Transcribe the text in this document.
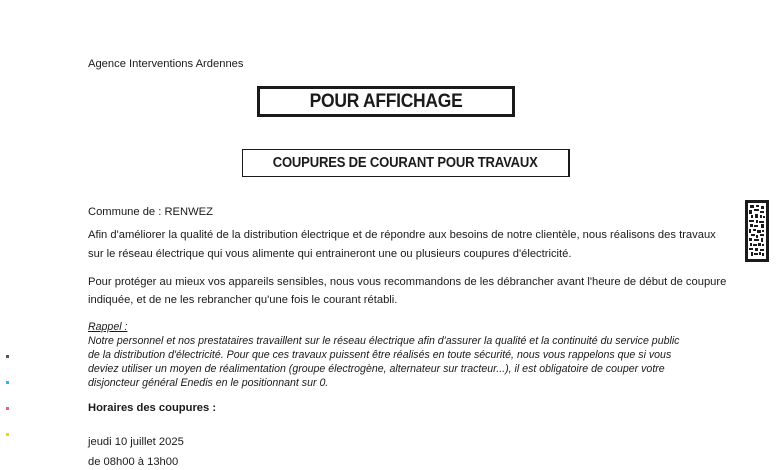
Agence Interventions Ardennes
POUR AFFICHAGE
COUPURES DE COURANT POUR TRAVAUX
Commune de : RENWEZ
Afin d'améliorer la qualité de la distribution électrique et de répondre aux besoins de notre clientèle, nous réalisons des travaux
sur le réseau électrique qui vous alimente qui entraineront une ou plusieurs coupures d'électricité.
Pour protéger au mieux vos appareils sensibles, nous vous recommandons de les débrancher avant l'heure de début de coupure
indiquée, et de ne les rebrancher qu'une fois le courant rétabli.
Rappel :
Notre personnel et nos prestataires travaillent sur le réseau électrique afin d'assurer la qualité et la continuité du service public
de la distribution d'électricité. Pour que ces travaux puissent être réalisés en toute sécurité, nous vous rappelons que si vous
deviez utiliser un moyen de réalimentation (groupe électrogène, alternateur sur tracteur...), il est obligatoire de couper votre
disjoncteur général Enedis en le positionnant sur 0.
Horaires des coupures :
jeudi 10 juillet 2025
de 08h00 à 13h00
